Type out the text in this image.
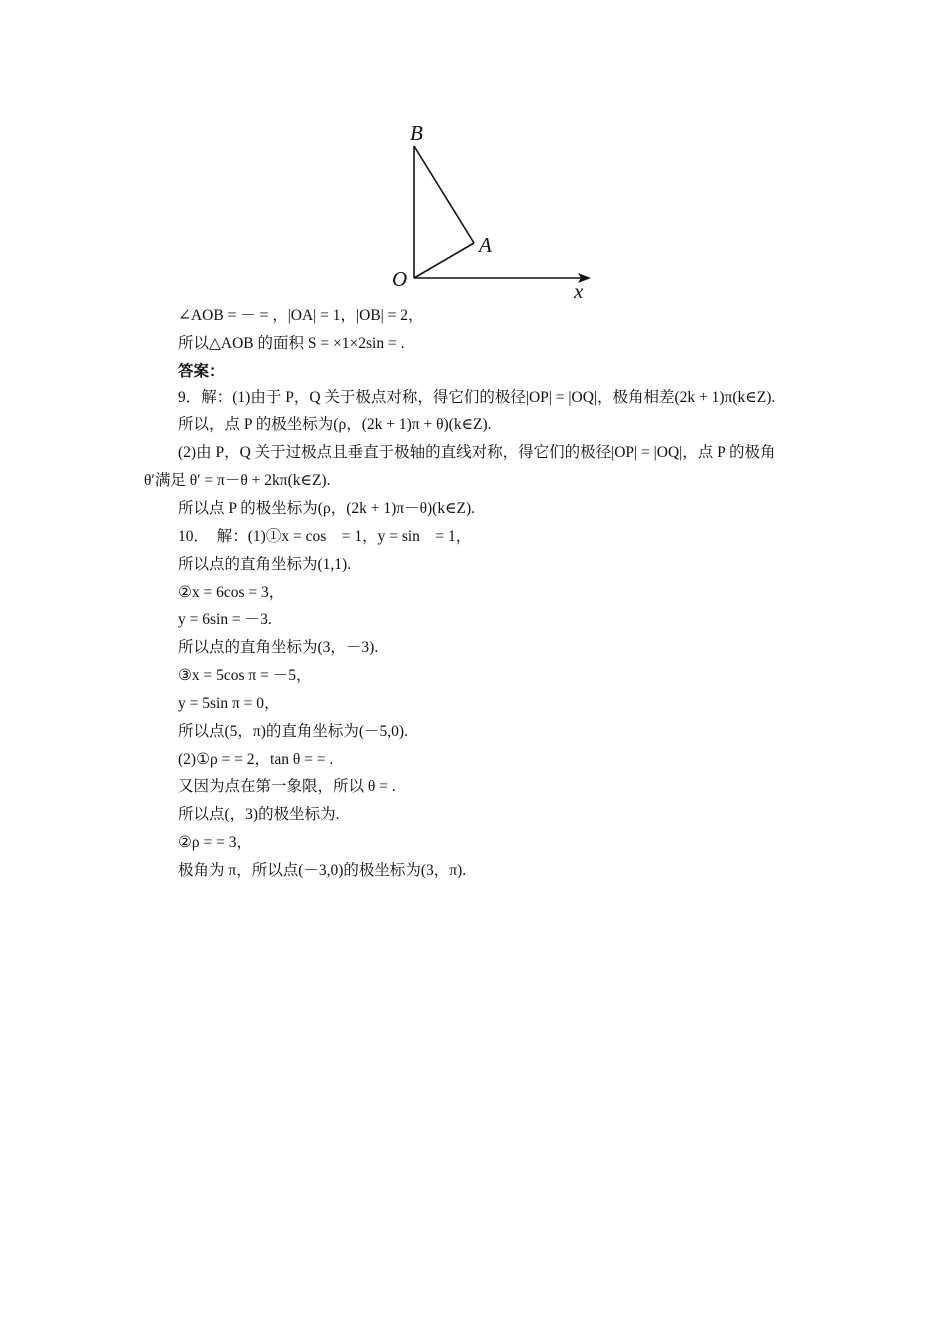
B
A
O	x
∠AOB = － = ，|OA| = 1，|OB| = 2，
所以△AOB 的面积 S = ×1×2sin = .
答案：
9．解：(1)由于 P，Q 关于极点对称，得它们的极径|OP| = |OQ|，极角相差(2k + 1)π(k∈Z).
所以，点 P 的极坐标为(ρ，(2k + 1)π + θ)(k∈Z).
(2)由 P，Q 关于过极点且垂直于极轴的直线对称，得它们的极径|OP| = |OQ|，点 P 的极角
θ′满足 θ′ = π－θ + 2kπ(k∈Z).
所以点 P 的极坐标为(ρ，(2k + 1)π－θ)(k∈Z).
10．　解：(1)①x = cos　= 1，y = sin　= 1，
所以点的直角坐标为(1,1).
②x = 6cos = 3，
y = 6sin = －3.
所以点的直角坐标为(3，－3).
③x = 5cos π = －5，
y = 5sin π = 0，
所以点(5，π)的直角坐标为(－5,0).
(2)①ρ = = 2，tan θ = = .
又因为点在第一象限，所以 θ = .
所以点(，3)的极坐标为.
②ρ = = 3，
极角为 π，所以点(－3,0)的极坐标为(3，π).
